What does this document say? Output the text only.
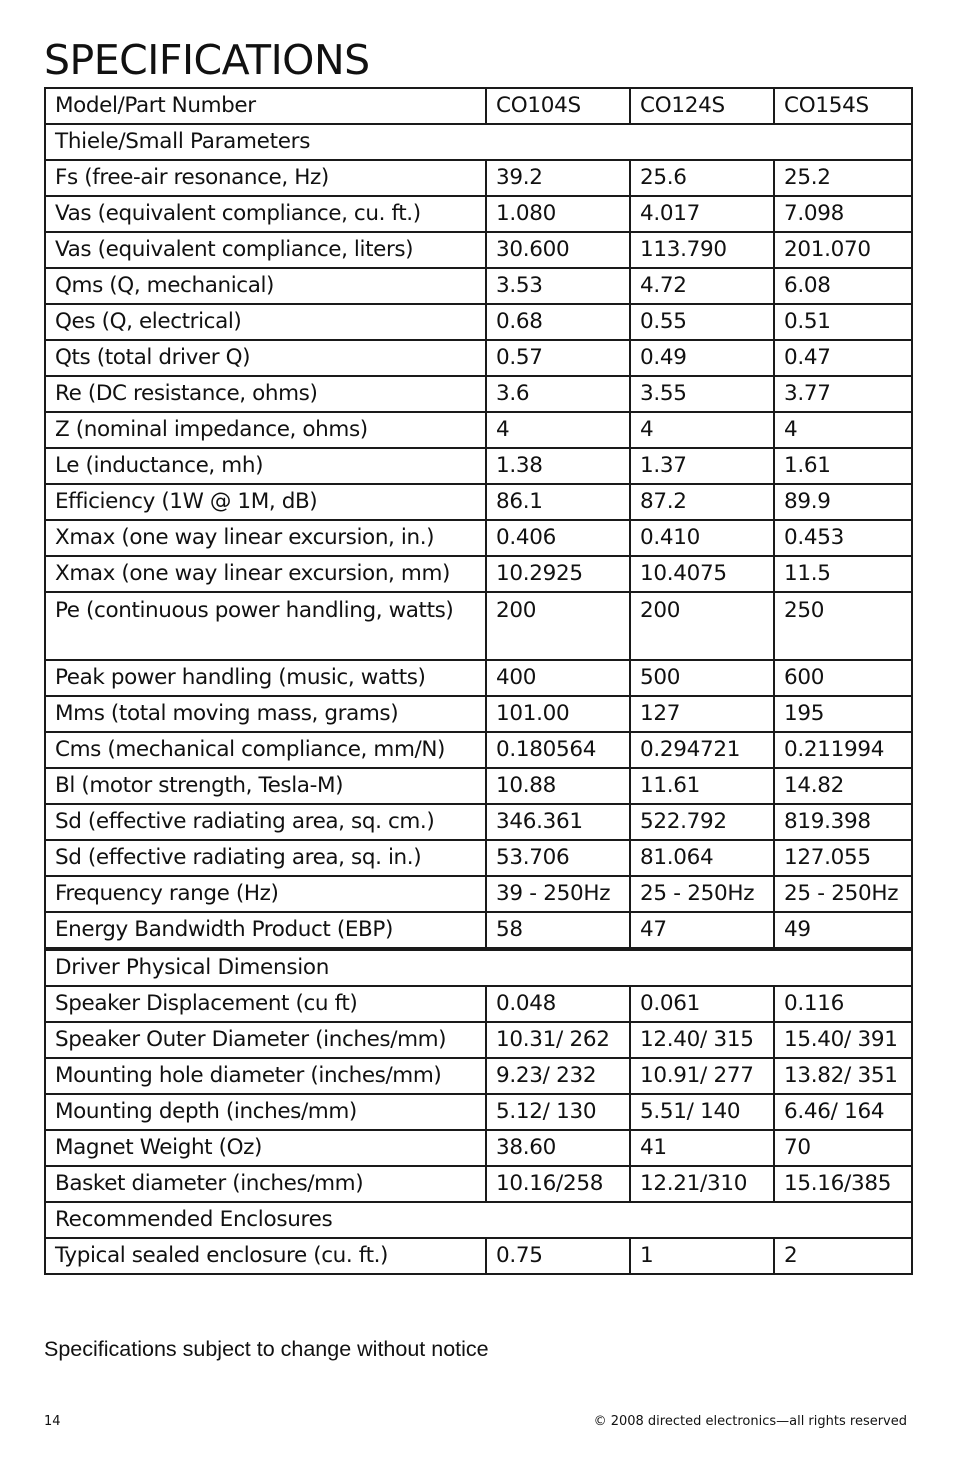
SPECIFICATIONS
Model/Part Number	CO104S	CO124S	CO154S
Thiele/Small Parameters			
Fs (free-air resonance, Hz)	39.2	25.6	25.2
Vas (equivalent compliance, cu. ft.)	1.080	4.017	7.098
Vas (equivalent compliance, liters)	30.600	113.790	201.070
Qms (Q, mechanical)	3.53	4.72	6.08
Qes (Q, electrical)	0.68	0.55	0.51
Qts (total driver Q)	0.57	0.49	0.47
Re (DC resistance, ohms)	3.6	3.55	3.77
Z (nominal impedance, ohms)	4	4	4
Le (inductance, mh)	1.38	1.37	1.61
Efficiency (1W @ 1M, dB)	86.1	87.2	89.9
Xmax (one way linear excursion, in.)	0.406	0.410	0.453
Xmax (one way linear excursion, mm)	10.2925	10.4075	11.5
Pe (continuous power handling, watts)	200	200	250
Peak power handling (music, watts)	400	500	600
Mms (total moving mass, grams)	101.00	127	195
Cms (mechanical compliance, mm/N)	0.180564	0.294721	0.211994
Bl (motor strength, Tesla-M)	10.88	11.61	14.82
Sd (effective radiating area, sq. cm.)	346.361	522.792	819.398
Sd (effective radiating area, sq. in.)	53.706	81.064	127.055
Frequency range (Hz)	39 - 250Hz	25 - 250Hz	25 - 250Hz
Energy Bandwidth Product (EBP)	58	47	49
Driver Physical Dimension			
Speaker Displacement (cu ft)	0.048	0.061	0.116
Speaker Outer Diameter (inches/mm)	10.31/ 262	12.40/ 315	15.40/ 391
Mounting hole diameter (inches/mm)	9.23/ 232	10.91/ 277	13.82/ 351
Mounting depth (inches/mm)	5.12/ 130	5.51/ 140	6.46/ 164
Magnet Weight (Oz)	38.60	41	70
Basket diameter (inches/mm)	10.16/258	12.21/310	15.16/385
Recommended Enclosures			
Typical sealed enclosure (cu. ft.)	0.75	1	2
Specifications subject to change without notice
14	© 2008 directed electronics—all rights reserved
